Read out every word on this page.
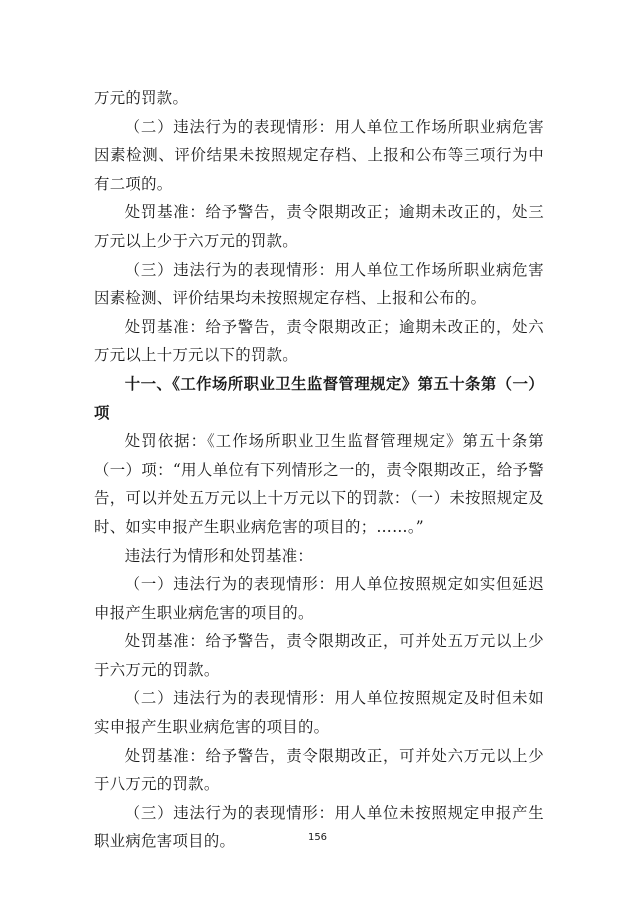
万元的罚款。

（二）违法行为的表现情形：用人单位工作场所职业病危害因素检测、评价结果未按照规定存档、上报和公布等三项行为中有二项的。

处罚基准：给予警告，责令限期改正；逾期未改正的，处三万元以上少于六万元的罚款。

（三）违法行为的表现情形：用人单位工作场所职业病危害因素检测、评价结果均未按照规定存档、上报和公布的。

处罚基准：给予警告，责令限期改正；逾期未改正的，处六万元以上十万元以下的罚款。

十一、《工作场所职业卫生监督管理规定》第五十条第（一）项

处罚依据：《工作场所职业卫生监督管理规定》第五十条第（一）项：“用人单位有下列情形之一的，责令限期改正，给予警告，可以并处五万元以上十万元以下的罚款：（一）未按照规定及时、如实申报产生职业病危害的项目的；……。”

违法行为情形和处罚基准：

（一）违法行为的表现情形：用人单位按照规定如实但延迟申报产生职业病危害的项目的。

处罚基准：给予警告，责令限期改正，可并处五万元以上少于六万元的罚款。

（二）违法行为的表现情形：用人单位按照规定及时但未如实申报产生职业病危害的项目的。

处罚基准：给予警告，责令限期改正，可并处六万元以上少于八万元的罚款。

（三）违法行为的表现情形：用人单位未按照规定申报产生职业病危害项目的。	156
